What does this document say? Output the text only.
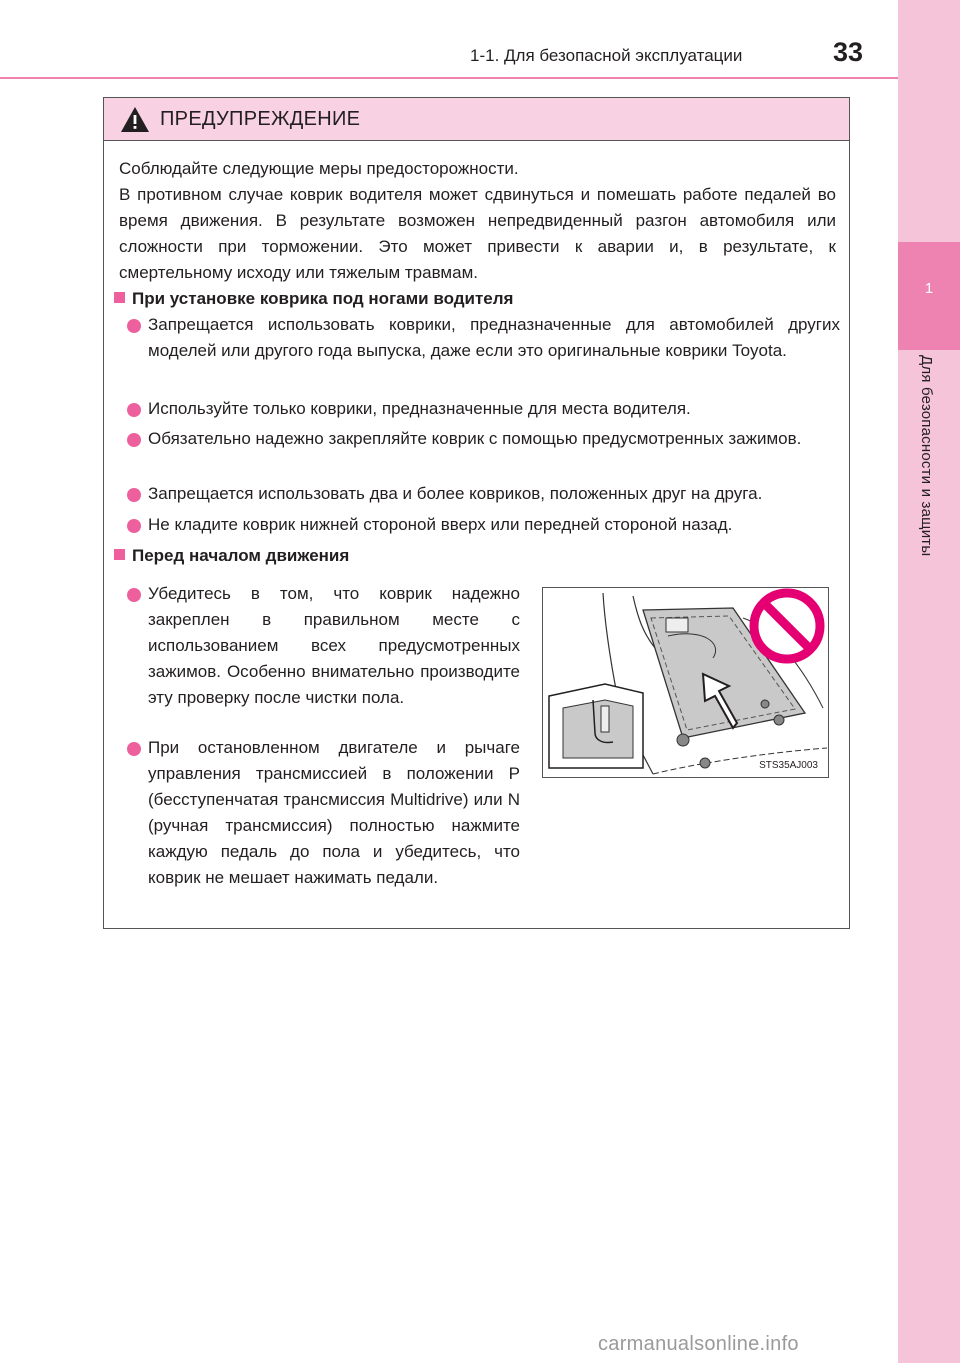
1
Для безопасности и защиты
1-1. Для безопасной эксплуатации	33
ПРЕДУПРЕЖДЕНИЕ
Соблюдайте следующие меры предосторожности.
В противном случае коврик водителя может сдвинуться и помешать работе педалей во время движения. В результате возможен непредвиденный разгон автомобиля или сложности при торможении. Это может привести к аварии и, в результате, к смертельному исходу или тяжелым травмам.
При установке коврика под ногами водителя
Запрещается использовать коврики, предназначенные для автомобилей других моделей или другого года выпуска, даже если это оригинальные коврики Toyota.
Используйте только коврики, предназначенные для места водителя.
Обязательно надежно закрепляйте коврик с помощью предусмотренных зажимов.
Запрещается использовать два и более ковриков, положенных друг на друга.
Не кладите коврик нижней стороной вверх или передней стороной назад.
Перед началом движения
Убедитесь в том, что коврик надежно закреплен в правильном месте с использованием всех предусмотренных зажимов. Особенно внимательно производите эту проверку после чистки пола.
При остановленном двигателе и рычаге управления трансмиссией в положении P (бесступенчатая трансмиссия Multidrive) или N (ручная трансмиссия) полностью нажмите каждую педаль до пола и убедитесь, что коврик не мешает нажимать педали.
STS35AJ003
carmanualsonline.info
